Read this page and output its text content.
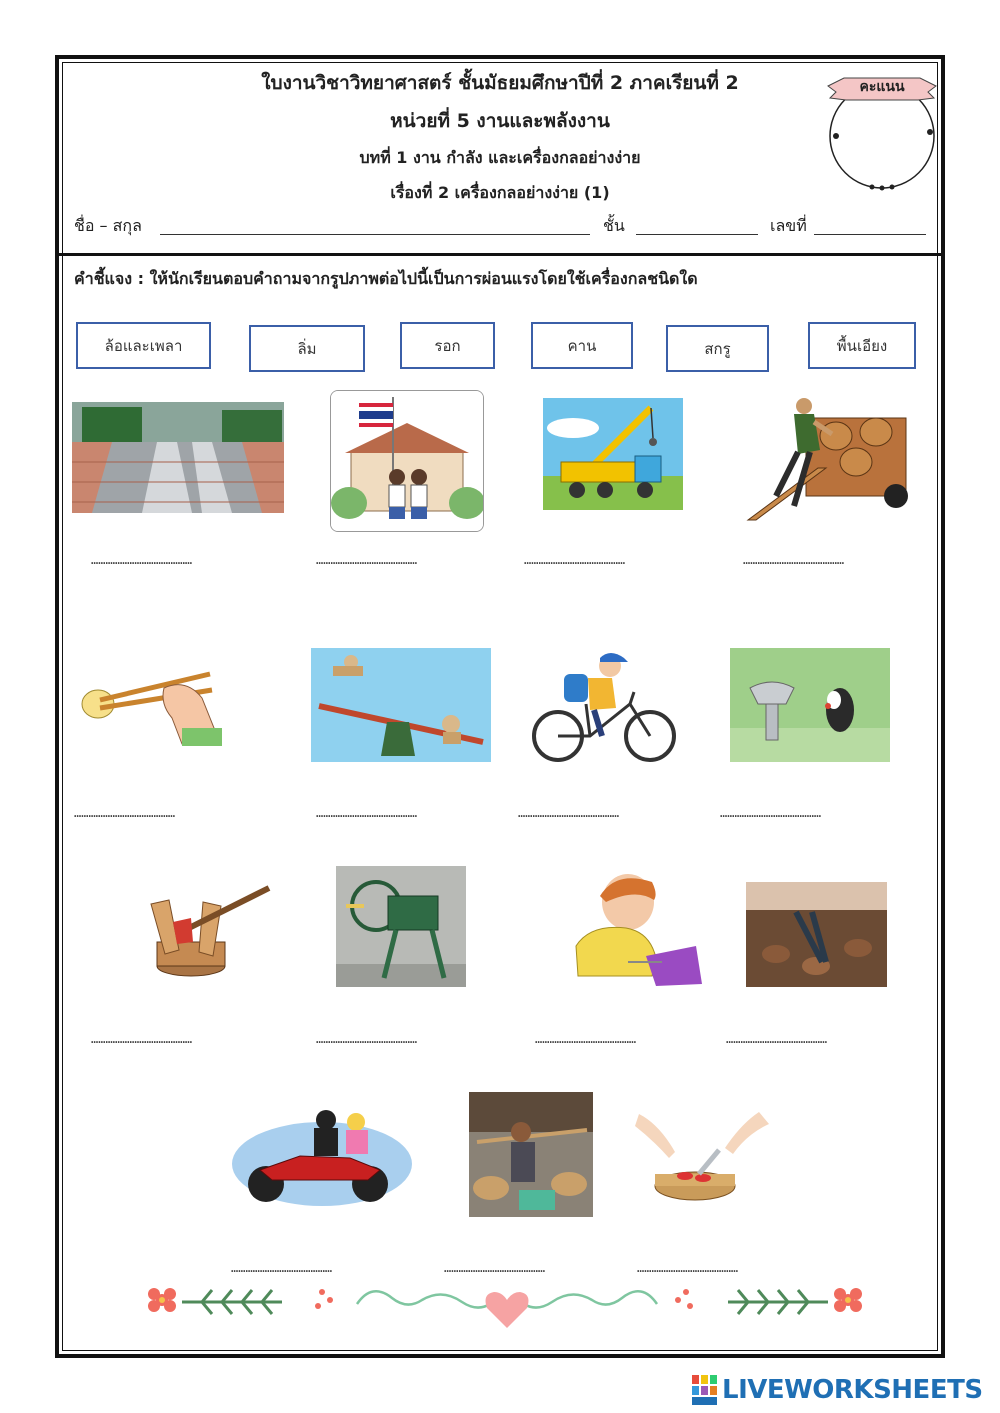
ใบงานวิชาวิทยาศาสตร์ ชั้นมัธยมศึกษาปีที่ 2 ภาคเรียนที่ 2
หน่วยที่ 5 งานและพลังงาน
บทที่ 1 งาน กำลัง และเครื่องกลอย่างง่าย
เรื่องที่ 2 เครื่องกลอย่างง่าย (1)
คะแนน
ชื่อ – สกุล	ชั้น	เลขที่
คำชี้แจง : ให้นักเรียนตอบคำถามจากรูปภาพต่อไปนี้เป็นการผ่อนแรงโดยใช้เครื่องกลชนิดใด
ล้อและเพลา	ลิ่ม	รอก	คาน	สกรู	พื้นเอียง
……………………………………	……………………………………	……………………………………	……………………………………
……………………………………	……………………………………	……………………………………	……………………………………
……………………………………	……………………………………	……………………………………	……………………………………
……………………………………	……………………………………	……………………………………
LIVEWORKSHEETS
